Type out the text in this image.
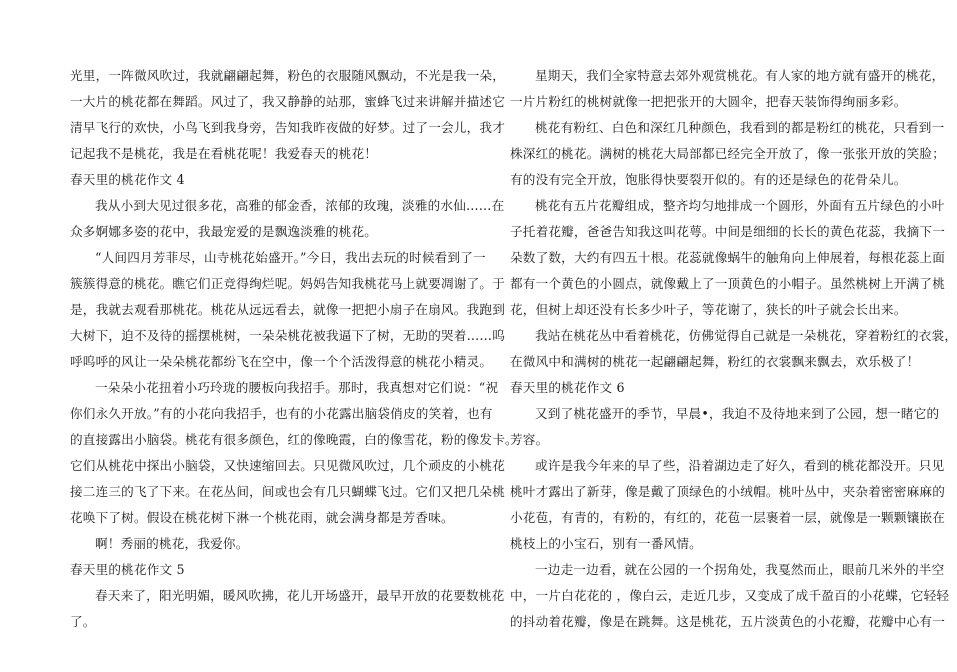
光里，一阵微风吹过，我就翩翩起舞，粉色的衣服随风飘动，不光是我一朵，
一大片的桃花都在舞蹈。风过了，我又静静的站那，蜜蜂飞过来讲解并描述它
清早飞行的欢快，小鸟飞到我身旁，告知我昨夜做的好梦。过了一会儿，我才
记起我不是桃花，我是在看桃花呢！我爱春天的桃花！
春天里的桃花作文 4
我从小到大见过很多花，高雅的郁金香，浓郁的玫瑰，淡雅的水仙……在
众多婀娜多姿的花中，我最宠爱的是飘逸淡雅的桃花。
“人间四月芳菲尽，山寺桃花始盛开。”今日，我出去玩的时候看到了一
簇簇得意的桃花。瞧它们正竞得绚烂呢。妈妈告知我桃花马上就要凋谢了。于
是，我就去观看那桃花。桃花从远远看去，就像一把把小扇子在扇风。我跑到
大树下，迫不及待的摇摆桃树，一朵朵桃花被我逼下了树，无助的哭着……呜
呼呜呼的风让一朵朵桃花都纷飞在空中，像一个个活泼得意的桃花小精灵。
一朵朵小花扭着小巧玲珑的腰板向我招手。那时，我真想对它们说：“祝
你们永久开放。”有的小花向我招手，也有的小花露出脑袋俏皮的笑着，也有
的直接露出小脑袋。桃花有很多颜色，红的像晚霞，白的像雪花，粉的像发卡。
它们从桃花中探出小脑袋，又快速缩回去。只见微风吹过，几个顽皮的小桃花
接二连三的飞了下来。在花丛间，间或也会有几只蝴蝶飞过。它们又把几朵桃
花唤下了树。假设在桃花树下淋一个桃花雨，就会满身都是芳香味。
啊！秀丽的桃花，我爱你。
春天里的桃花作文 5
春天来了，阳光明媚，暖风吹拂，花儿开场盛开，最早开放的花要数桃花
了。
星期天，我们全家特意去郊外观赏桃花。有人家的地方就有盛开的桃花，
一片片粉红的桃树就像一把把张开的大圆伞，把春天装饰得绚丽多彩。
桃花有粉红、白色和深红几种颜色，我看到的都是粉红的桃花，只看到一
株深红的桃花。满树的桃花大局部都已经完全开放了，像一张张开放的笑脸；
有的没有完全开放，饱胀得快要裂开似的。有的还是绿色的花骨朵儿。
桃花有五片花瓣组成，整齐均匀地排成一个圆形，外面有五片绿色的小叶
子托着花瓣，爸爸告知我这叫花萼。中间是细细的长长的黄色花蕊，我摘下一
朵数了数，大约有四五十根。花蕊就像蜗牛的触角向上伸展着，每根花蕊上面
都有一个黄色的小圆点，就像戴上了一顶黄色的小帽子。虽然桃树上开满了桃
花，但树上却还没有长多少叶子，等花谢了，狭长的叶子就会长出来。
我站在桃花丛中看着桃花，仿佛觉得自己就是一朵桃花，穿着粉红的衣裳，
在微风中和满树的桃花一起翩翩起舞，粉红的衣裳飘来飘去，欢乐极了！
春天里的桃花作文 6
又到了桃花盛开的季节，早晨•，我迫不及待地来到了公园，想一睹它的
芳容。
或许是我今年来的早了些，沿着湖边走了好久，看到的桃花都没开。只见
桃叶才露出了新芽，像是戴了顶绿色的小绒帽。桃叶丛中，夹杂着密密麻麻的
小花苞，有青的，有粉的，有红的，花苞一层裹着一层，就像是一颗颗镶嵌在
桃枝上的小宝石，别有一番风情。
一边走一边看，就在公园的一个拐角处，我戛然而止，眼前几米外的半空
中，一片白花花的 ，像白云，走近几步，又变成了成千盈百的小花蝶，它轻轻
的抖动着花瓣，像是在跳舞。这是桃花，五片淡黄色的小花瓣，花瓣中心有一
